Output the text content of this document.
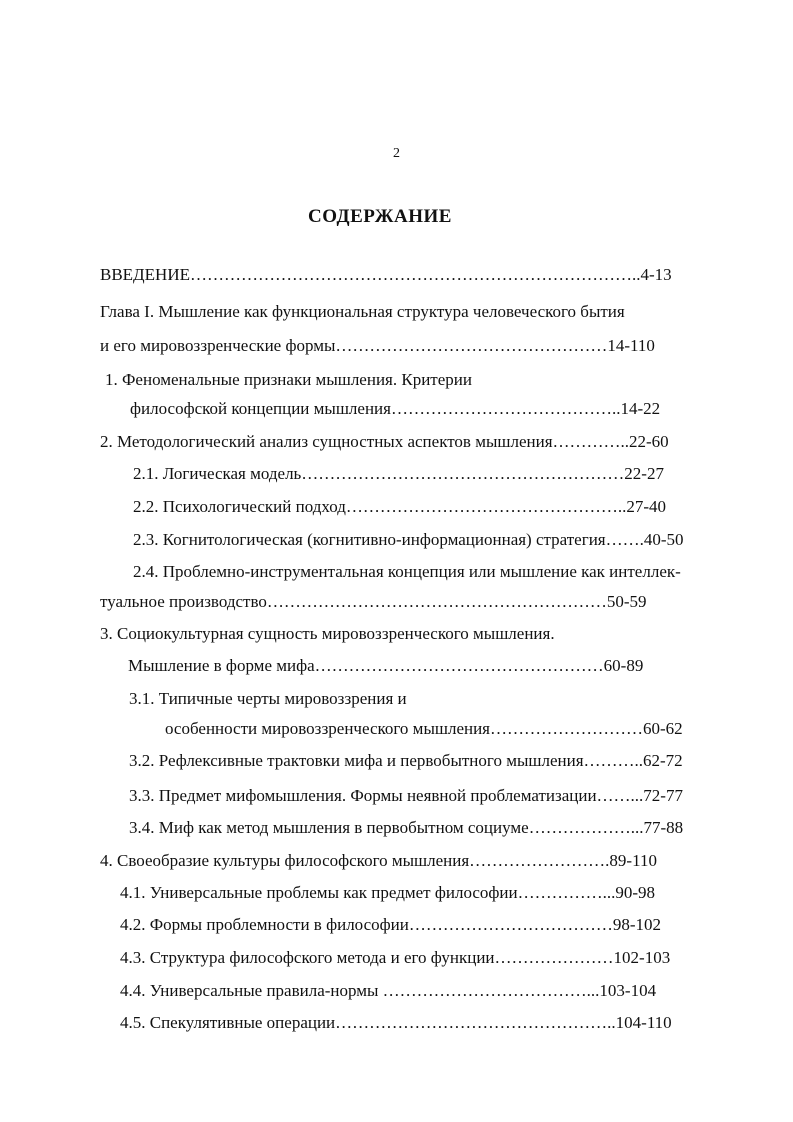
2
СОДЕРЖАНИЕ
ВВЕДЕНИЕ……………………………………………………………………..4-13
Глава I. Мышление как функциональная структура человеческого бытия
и его мировоззренческие формы…………………………………………14-110
1. Феноменальные признаки мышления. Критерии
философской концепции мышления…………………………………..14-22
2. Методологический анализ сущностных аспектов мышления…………..22-60
2.1. Логическая модель…………………………………………………22-27
2.2. Психологический подход…………………………………………..27-40
2.3. Когнитологическая (когнитивно-информационная) стратегия…….40-50
2.4. Проблемно-инструментальная концепция или мышление как интеллек-
туальное производство……………………………………………………50-59
3. Социокультурная сущность мировоззренческого мышления.
Мышление в форме мифа……………………………………………60-89
3.1. Типичные черты мировоззрения и
особенности мировоззренческого мышления………………………60-62
3.2. Рефлексивные трактовки мифа и первобытного мышления………..62-72
3.3. Предмет мифомышления. Формы неявной проблематизации……...72-77
3.4. Миф как метод мышления в первобытном социуме………………...77-88
4. Своеобразие культуры философского мышления…………………….89-110
4.1. Универсальные проблемы как предмет философии……………...90-98
4.2. Формы проблемности в философии………………………………98-102
4.3. Структура философского метода и его функции…………………102-103
4.4. Универсальные правила-нормы ………………………………...103-104
4.5. Спекулятивные операции…………………………………………..104-110
